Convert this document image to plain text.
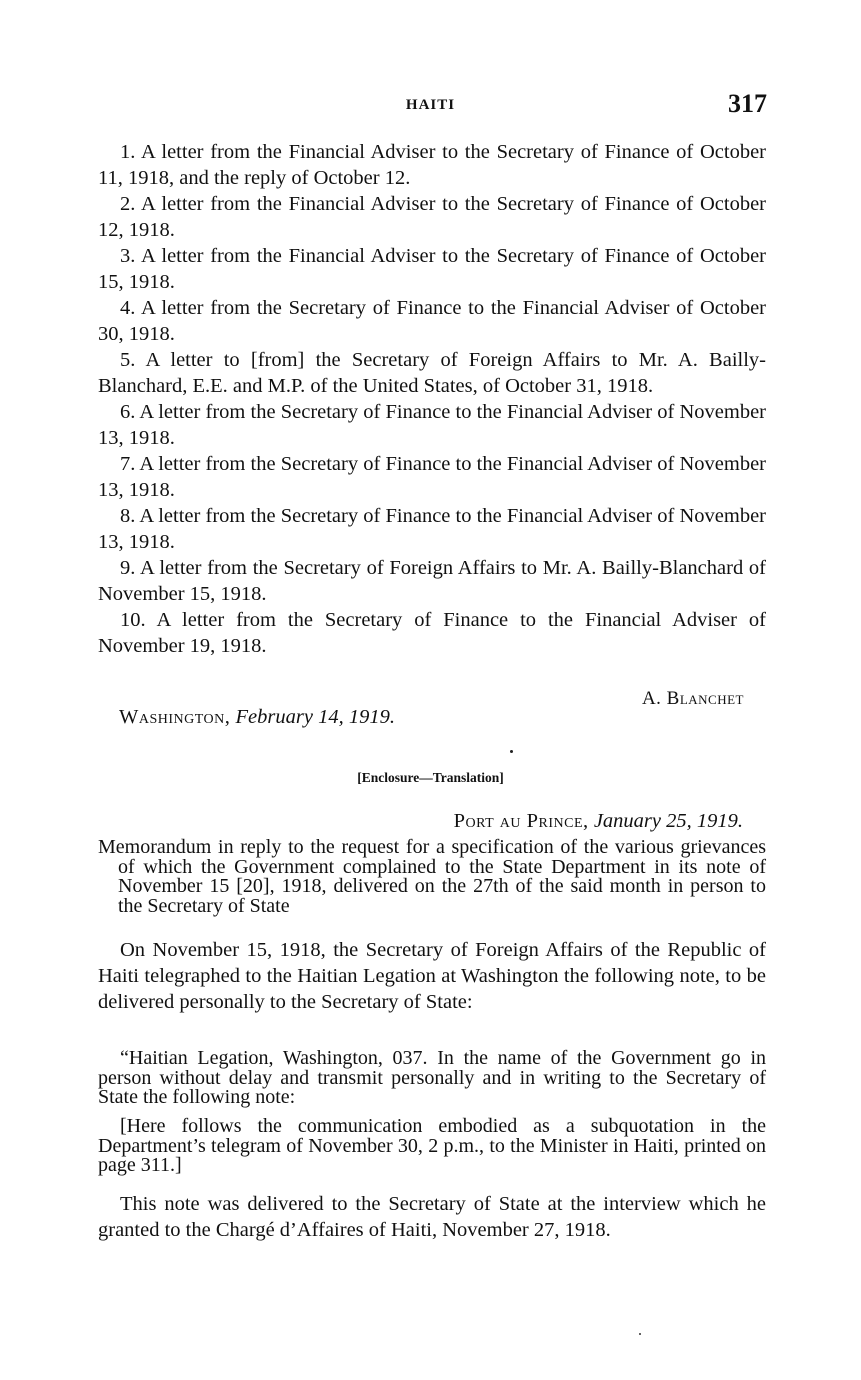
HAITI	317

1. A letter from the Financial Adviser to the Secretary of Finance of October 11, 1918, and the reply of October 12.

2. A letter from the Financial Adviser to the Secretary of Finance of October 12, 1918.

3. A letter from the Financial Adviser to the Secretary of Finance of October 15, 1918.

4. A letter from the Secretary of Finance to the Financial Adviser of October 30, 1918.

5. A letter to [from] the Secretary of Foreign Affairs to Mr. A. Bailly-Blanchard, E.E. and M.P. of the United States, of October 31, 1918.

6. A letter from the Secretary of Finance to the Financial Adviser of November 13, 1918.

7. A letter from the Secretary of Finance to the Financial Adviser of November 13, 1918.

8. A letter from the Secretary of Finance to the Financial Adviser of November 13, 1918.

9. A letter from the Secretary of Foreign Affairs to Mr. A. Bailly-Blanchard of November 15, 1918.

10. A letter from the Secretary of Finance to the Financial Adviser of November 19, 1918.

A. Blanchet
Washington, February 14, 1919.
[Enclosure—Translation]
Port au Prince, January 25, 1919.

Memorandum in reply to the request for a specification of the various grievances of which the Government complained to the State Department in its note of November 15 [20], 1918, delivered on the 27th of the said month in person to the Secretary of State

On November 15, 1918, the Secretary of Foreign Affairs of the Republic of Haiti telegraphed to the Haitian Legation at Washington the following note, to be delivered personally to the Secretary of State:

“Haitian Legation, Washington, 037. In the name of the Government go in person without delay and transmit personally and in writing to the Secretary of State the following note:

[Here follows the communication embodied as a subquotation in the Department’s telegram of November 30, 2 p.m., to the Minister in Haiti, printed on page 311.]

This note was delivered to the Secretary of State at the interview which he granted to the Chargé d’Affaires of Haiti, November 27, 1918.
